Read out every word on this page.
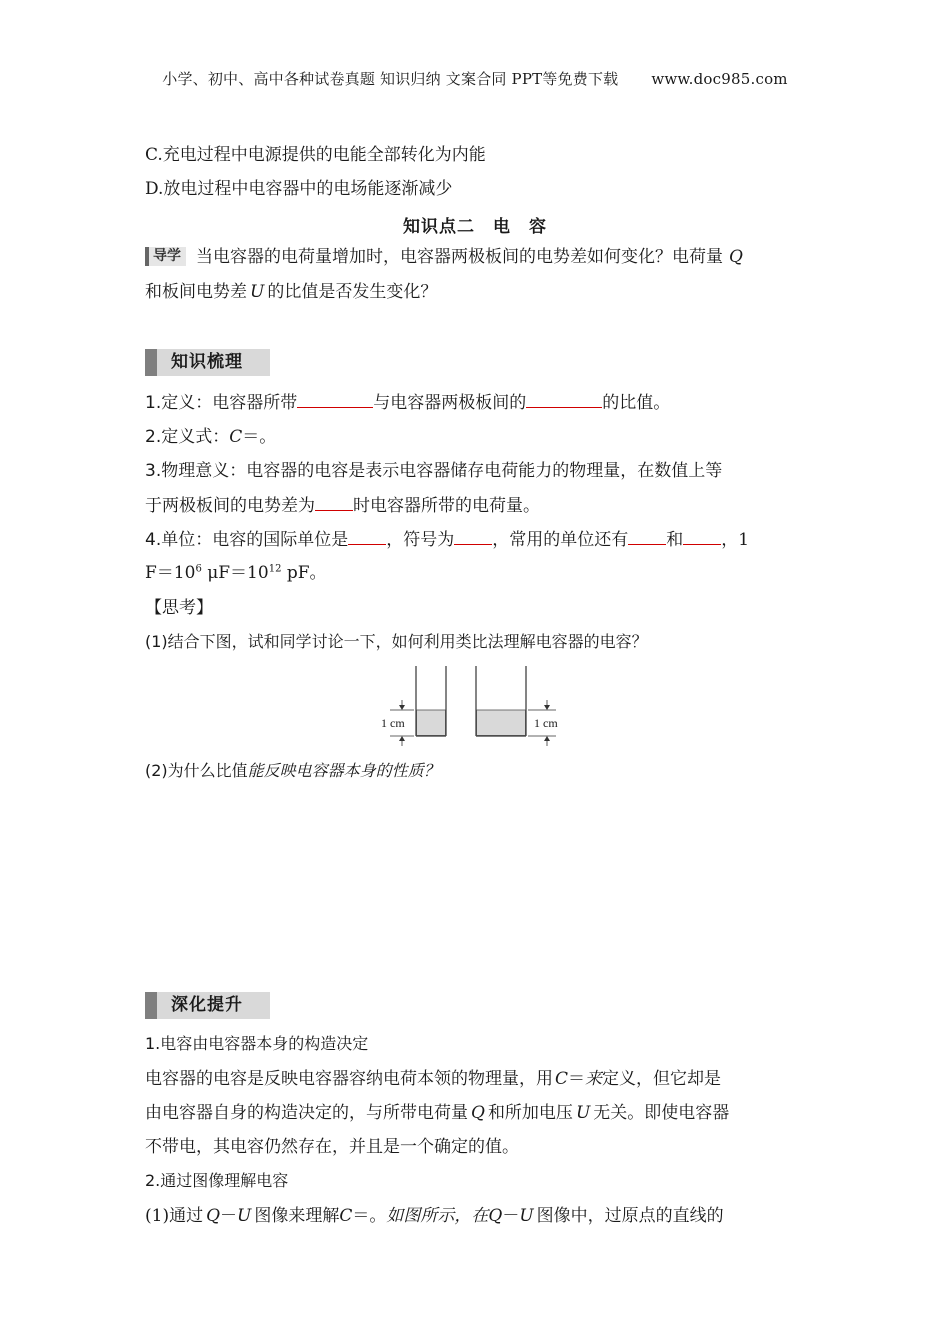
小学、初中、高中各种试卷真题 知识归纳 文案合同 PPT等免费下载 www.doc985.com
C.充电过程中电源提供的电能全部转化为内能
D.放电过程中电容器中的电场能逐渐减少
知识点二　电　容
导学 当电容器的电荷量增加时，电容器两极板间的电势差如何变化？电荷量 Q
和板间电势差 U 的比值是否发生变化？
知识梳理
1.定义：电容器所带	与电容器两极板间的	的比值。
2.定义式：C＝。
3.物理意义：电容器的电容是表示电容器储存电荷能力的物理量，在数值上等
于两极板间的电势差为 时电容器所带的电荷量。
4.单位：电容的国际单位是 ，符号为 ，常用的单位还有 和 ，1
$F=10^6$ $\mu F=10^{12}$ pF。
【思考】
(1)结合下图，试和同学讨论一下，如何利用类比法理解电容器的电容？
1 cm	1 cm
(2)为什么比值能反映电容器本身的性质？
深化提升
1.电容由电容器本身的构造决定
电容器的电容是反映电容器容纳电荷本领的物理量，用 C＝来定义，但它却是
由电容器自身的构造决定的，与所带电荷量 Q 和所加电压 U 无关。即使电容器
不带电，其电容仍然存在，并且是一个确定的值。
2.通过图像理解电容
(1)通过 Q－U 图像来理解C＝。如图所示，在Q－U 图像中，过原点的直线的
